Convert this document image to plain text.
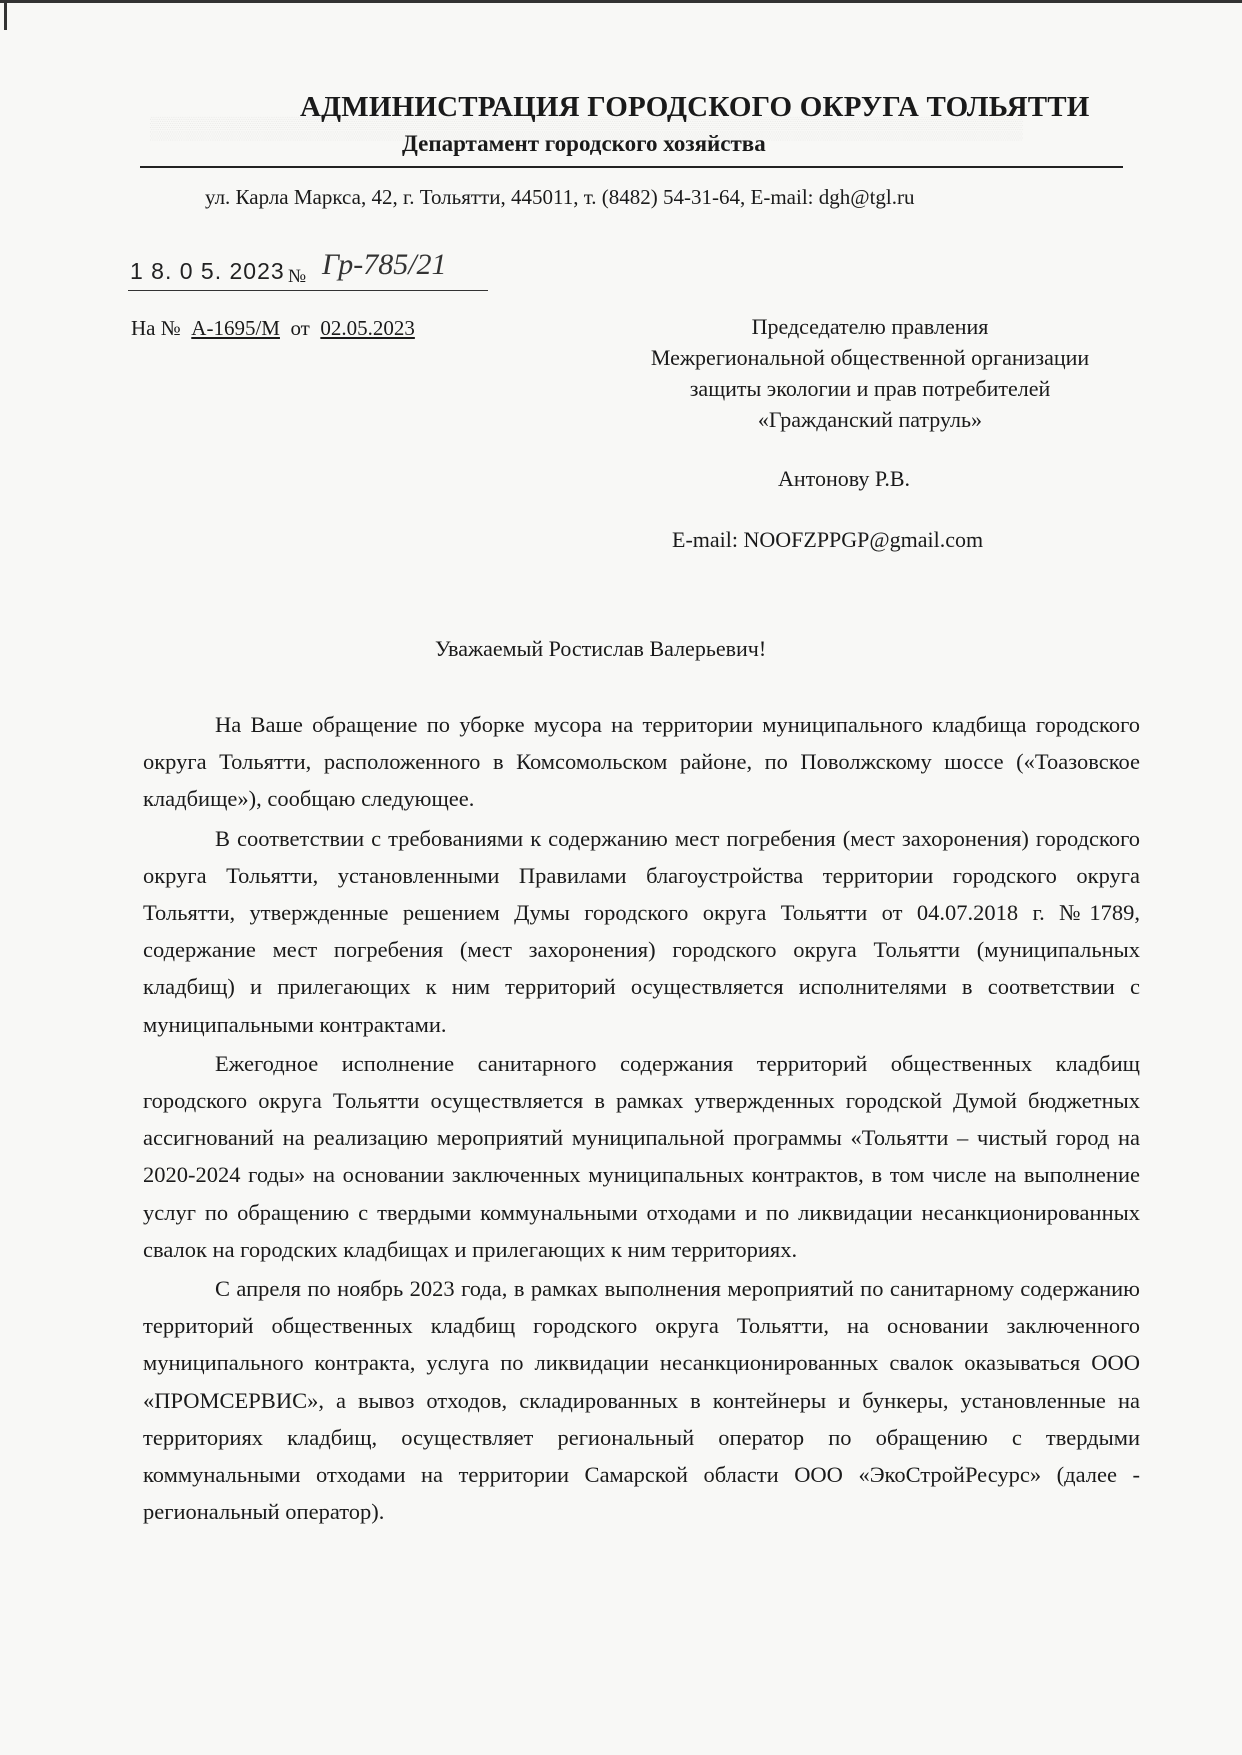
АДМИНИСТРАЦИЯ ГОРОДСКОГО ОКРУГА ТОЛЬЯТТИ
Департамент городского хозяйства
ул. Карла Маркса, 42, г. Тольятти, 445011, т. (8482) 54-31-64, E-mail: dgh@tgl.ru
1 8. 0 5. 2023 № Гр-785/21
На № А-1695/М от 02.05.2023	Председателю правления
Межрегиональной общественной организации
защиты экологии и прав потребителей
«Гражданский патруль»
Антонову Р.В.
E-mail: NOOFZPPGP@gmail.com
Уважаемый Ростислав Валерьевич!

На Ваше обращение по уборке мусора на территории муниципального кладбища городского округа Тольятти, расположенного в Комсомольском районе, по Поволжскому шоссе («Тоазовское кладбище»), сообщаю следующее.

В соответствии с требованиями к содержанию мест погребения (мест захоронения) городского округа Тольятти, установленными Правилами благоустройства территории городского округа Тольятти, утвержденные решением Думы городского округа Тольятти от 04.07.2018 г. №1789, содержание мест погребения (мест захоронения) городского округа Тольятти (муниципальных кладбищ) и прилегающих к ним территорий осуществляется исполнителями в соответствии с муниципальными контрактами.

Ежегодное исполнение санитарного содержания территорий общественных кладбищ городского округа Тольятти осуществляется в рамках утвержденных городской Думой бюджетных ассигнований на реализацию мероприятий муниципальной программы «Тольятти – чистый город на 2020-2024 годы» на основании заключенных муниципальных контрактов, в том числе на выполнение услуг по обращению с твердыми коммунальными отходами и по ликвидации несанкционированных свалок на городских кладбищах и прилегающих к ним территориях.

С апреля по ноябрь 2023 года, в рамках выполнения мероприятий по санитарному содержанию территорий общественных кладбищ городского округа Тольятти, на основании заключенного муниципального контракта, услуга по ликвидации несанкционированных свалок оказываться ООО «ПРОМСЕРВИС», а вывоз отходов, складированных в контейнеры и бункеры, установленные на территориях кладбищ, осуществляет региональный оператор по обращению с твердыми коммунальными отходами на территории Самарской области ООО «ЭкоСтройРесурс» (далее - региональный оператор).
